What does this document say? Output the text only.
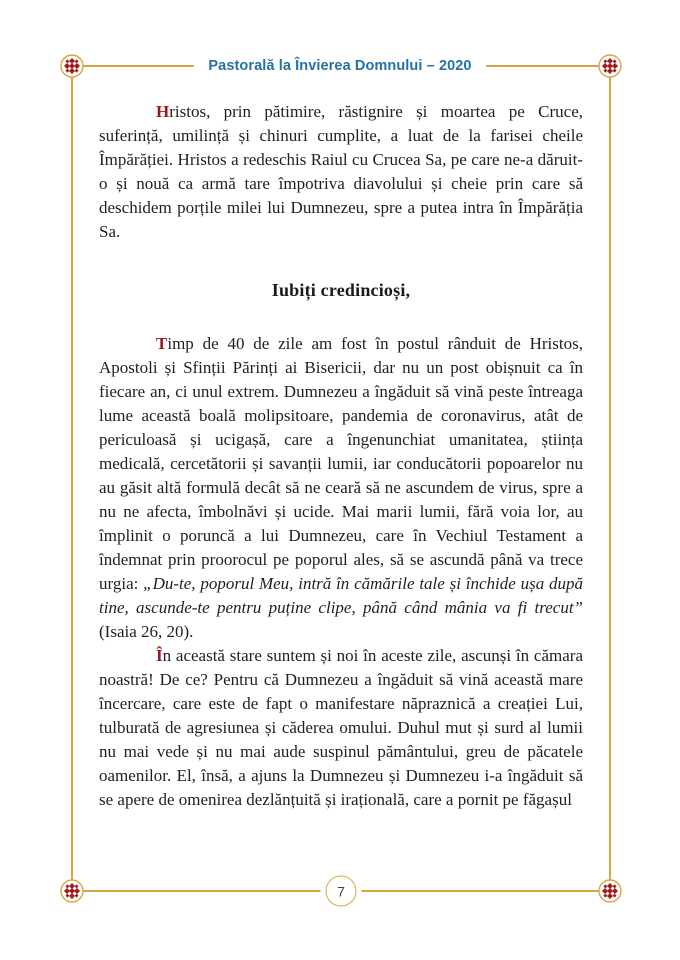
Pastorală la Învierea Domnului – 2020

Hristos, prin pătimire, răstignire și moartea pe Cruce, suferință, umilință și chinuri cumplite, a luat de la farisei cheile Împărăției. Hristos a redeschis Raiul cu Crucea Sa, pe care ne-a dăruit-o și nouă ca armă tare împotriva diavolului și cheie prin care să deschidem porțile milei lui Dumnezeu, spre a putea intra în Împărăția Sa.

Iubiți credincioși,

Timp de 40 de zile am fost în postul rânduit de Hristos, Apostoli și Sfinții Părinți ai Bisericii, dar nu un post obișnuit ca în fiecare an, ci unul extrem. Dumnezeu a îngăduit să vină peste întreaga lume această boală molipsitoare, pandemia de coronavirus, atât de periculoasă și ucigașă, care a îngenunchiat umanitatea, știința medicală, cercetătorii și savanții lumii, iar conducătorii popoarelor nu au găsit altă formulă decât să ne ceară să ne ascundem de virus, spre a nu ne afecta, îmbolnăvi și ucide. Mai marii lumii, fără voia lor, au împlinit o poruncă a lui Dumnezeu, care în Vechiul Testament a îndemnat prin proorocul pe poporul ales, să se ascundă până va trece urgia: „Du-te, poporul Meu, intră în cămările tale și închide ușa după tine, ascunde-te pentru puține clipe, până când mânia va fi trecut” (Isaia 26, 20).

În această stare suntem și noi în aceste zile, ascunși în cămara noastră! De ce? Pentru că Dumnezeu a îngăduit să vină această mare încercare, care este de fapt o manifestare năpraznică a creației Lui, tulburată de agresiunea și căderea omului. Duhul mut și surd al lumii nu mai vede și nu mai aude suspinul pământului, greu de păcatele oamenilor. El, însă, a ajuns la Dumnezeu și Dumnezeu i-a îngăduit să se apere de omenirea dezlănțuită și irațională, care a pornit pe făgașul

7
